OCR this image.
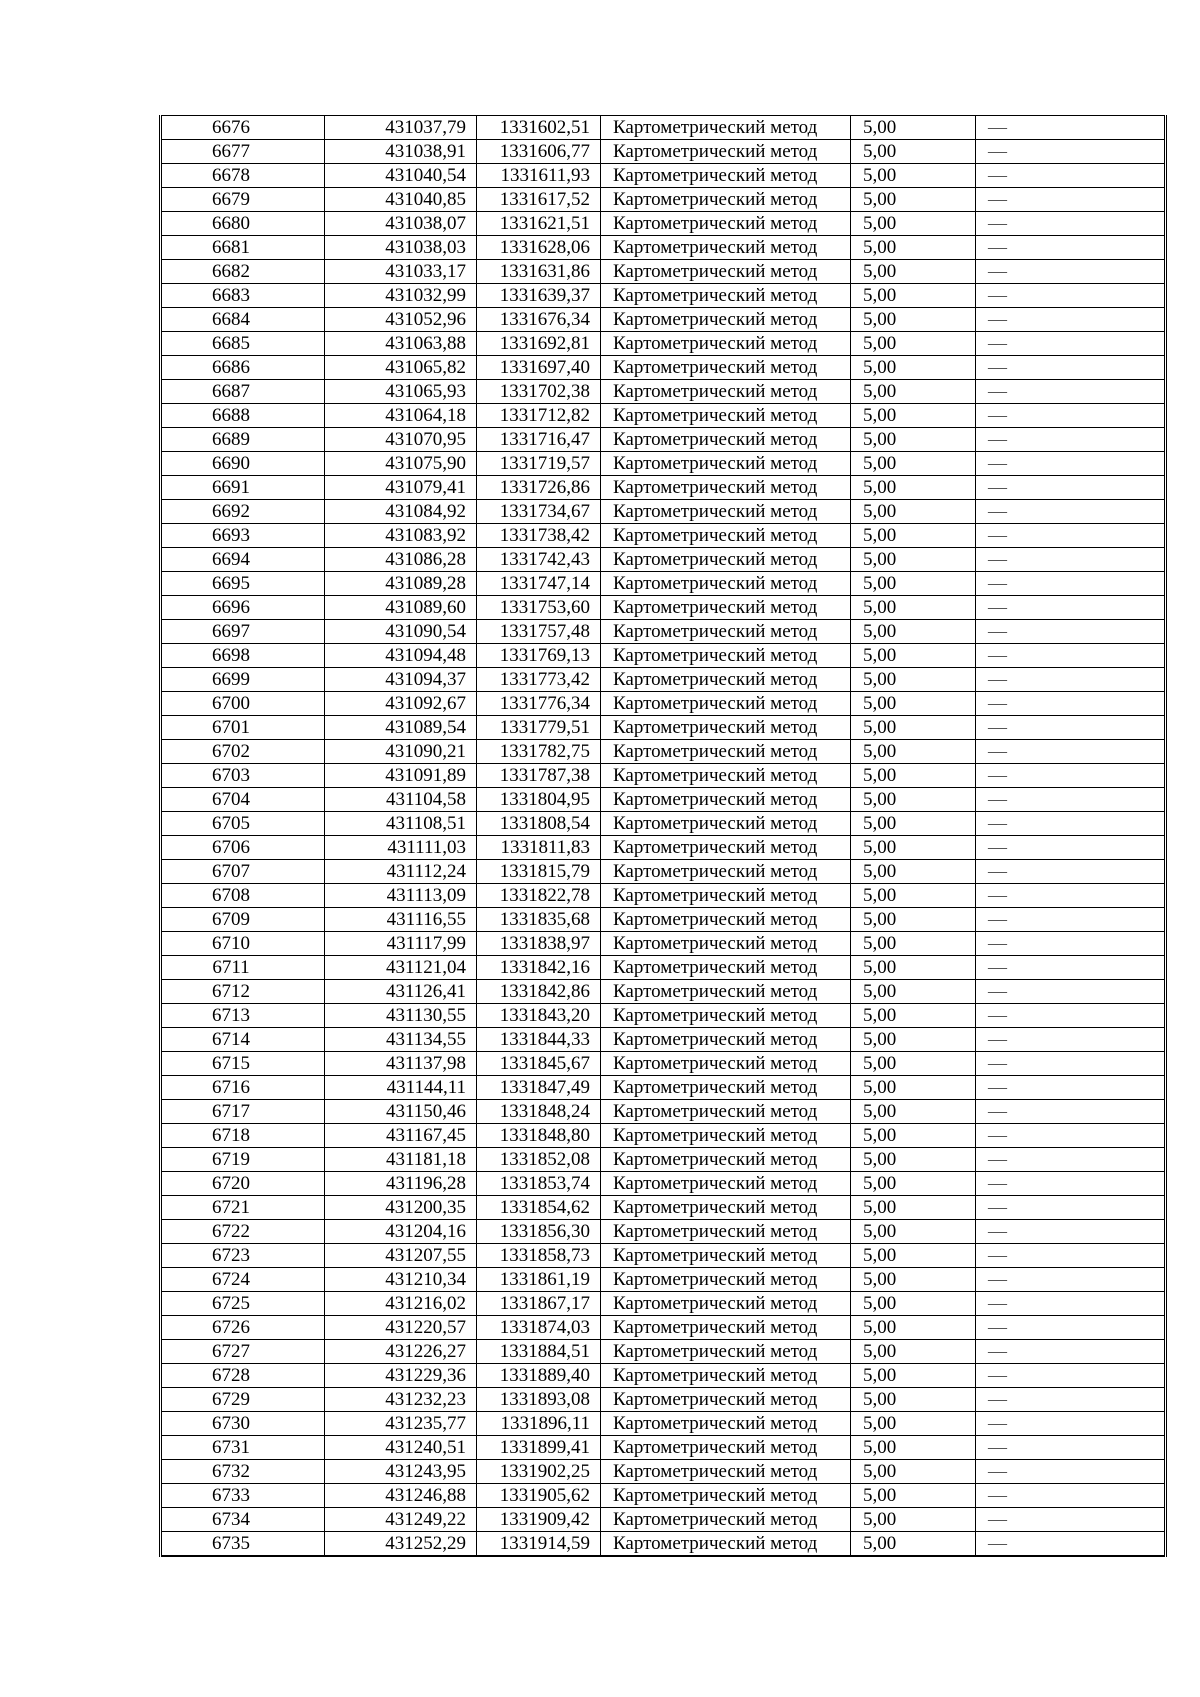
6676	431037,79	1331602,51	Картометрический метод	5,00	—
6677	431038,91	1331606,77	Картометрический метод	5,00	—
6678	431040,54	1331611,93	Картометрический метод	5,00	—
6679	431040,85	1331617,52	Картометрический метод	5,00	—
6680	431038,07	1331621,51	Картометрический метод	5,00	—
6681	431038,03	1331628,06	Картометрический метод	5,00	—
6682	431033,17	1331631,86	Картометрический метод	5,00	—
6683	431032,99	1331639,37	Картометрический метод	5,00	—
6684	431052,96	1331676,34	Картометрический метод	5,00	—
6685	431063,88	1331692,81	Картометрический метод	5,00	—
6686	431065,82	1331697,40	Картометрический метод	5,00	—
6687	431065,93	1331702,38	Картометрический метод	5,00	—
6688	431064,18	1331712,82	Картометрический метод	5,00	—
6689	431070,95	1331716,47	Картометрический метод	5,00	—
6690	431075,90	1331719,57	Картометрический метод	5,00	—
6691	431079,41	1331726,86	Картометрический метод	5,00	—
6692	431084,92	1331734,67	Картометрический метод	5,00	—
6693	431083,92	1331738,42	Картометрический метод	5,00	—
6694	431086,28	1331742,43	Картометрический метод	5,00	—
6695	431089,28	1331747,14	Картометрический метод	5,00	—
6696	431089,60	1331753,60	Картометрический метод	5,00	—
6697	431090,54	1331757,48	Картометрический метод	5,00	—
6698	431094,48	1331769,13	Картометрический метод	5,00	—
6699	431094,37	1331773,42	Картометрический метод	5,00	—
6700	431092,67	1331776,34	Картометрический метод	5,00	—
6701	431089,54	1331779,51	Картометрический метод	5,00	—
6702	431090,21	1331782,75	Картометрический метод	5,00	—
6703	431091,89	1331787,38	Картометрический метод	5,00	—
6704	431104,58	1331804,95	Картометрический метод	5,00	—
6705	431108,51	1331808,54	Картометрический метод	5,00	—
6706	431111,03	1331811,83	Картометрический метод	5,00	—
6707	431112,24	1331815,79	Картометрический метод	5,00	—
6708	431113,09	1331822,78	Картометрический метод	5,00	—
6709	431116,55	1331835,68	Картометрический метод	5,00	—
6710	431117,99	1331838,97	Картометрический метод	5,00	—
6711	431121,04	1331842,16	Картометрический метод	5,00	—
6712	431126,41	1331842,86	Картометрический метод	5,00	—
6713	431130,55	1331843,20	Картометрический метод	5,00	—
6714	431134,55	1331844,33	Картометрический метод	5,00	—
6715	431137,98	1331845,67	Картометрический метод	5,00	—
6716	431144,11	1331847,49	Картометрический метод	5,00	—
6717	431150,46	1331848,24	Картометрический метод	5,00	—
6718	431167,45	1331848,80	Картометрический метод	5,00	—
6719	431181,18	1331852,08	Картометрический метод	5,00	—
6720	431196,28	1331853,74	Картометрический метод	5,00	—
6721	431200,35	1331854,62	Картометрический метод	5,00	—
6722	431204,16	1331856,30	Картометрический метод	5,00	—
6723	431207,55	1331858,73	Картометрический метод	5,00	—
6724	431210,34	1331861,19	Картометрический метод	5,00	—
6725	431216,02	1331867,17	Картометрический метод	5,00	—
6726	431220,57	1331874,03	Картометрический метод	5,00	—
6727	431226,27	1331884,51	Картометрический метод	5,00	—
6728	431229,36	1331889,40	Картометрический метод	5,00	—
6729	431232,23	1331893,08	Картометрический метод	5,00	—
6730	431235,77	1331896,11	Картометрический метод	5,00	—
6731	431240,51	1331899,41	Картометрический метод	5,00	—
6732	431243,95	1331902,25	Картометрический метод	5,00	—
6733	431246,88	1331905,62	Картометрический метод	5,00	—
6734	431249,22	1331909,42	Картометрический метод	5,00	—
6735	431252,29	1331914,59	Картометрический метод	5,00	—
